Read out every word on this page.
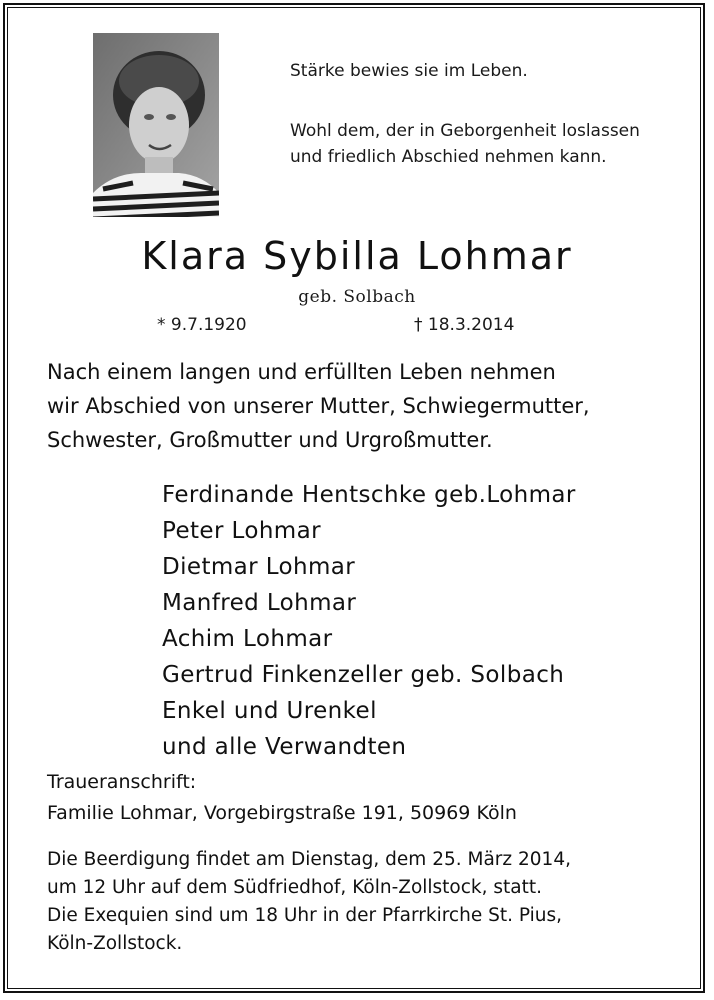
Stärke bewies sie im Leben.
Wohl dem, der in Geborgenheit loslassen
und friedlich Abschied nehmen kann.
Klara Sybilla Lohmar
geb. Solbach
* 9.7.1920	† 18.3.2014
Nach einem langen und erfüllten Leben nehmen
wir Abschied von unserer Mutter, Schwiegermutter,
Schwester, Großmutter und Urgroßmutter.
Ferdinande Hentschke geb.Lohmar
Peter Lohmar
Dietmar Lohmar
Manfred Lohmar
Achim Lohmar
Gertrud Finkenzeller geb. Solbach
Enkel und Urenkel
und alle Verwandten
Traueranschrift:
Familie Lohmar, Vorgebirgstraße 191, 50969 Köln
Die Beerdigung findet am Dienstag, dem 25. März 2014,
um 12 Uhr auf dem Südfriedhof, Köln-Zollstock, statt.
Die Exequien sind um 18 Uhr in der Pfarrkirche St. Pius,
Köln-Zollstock.
